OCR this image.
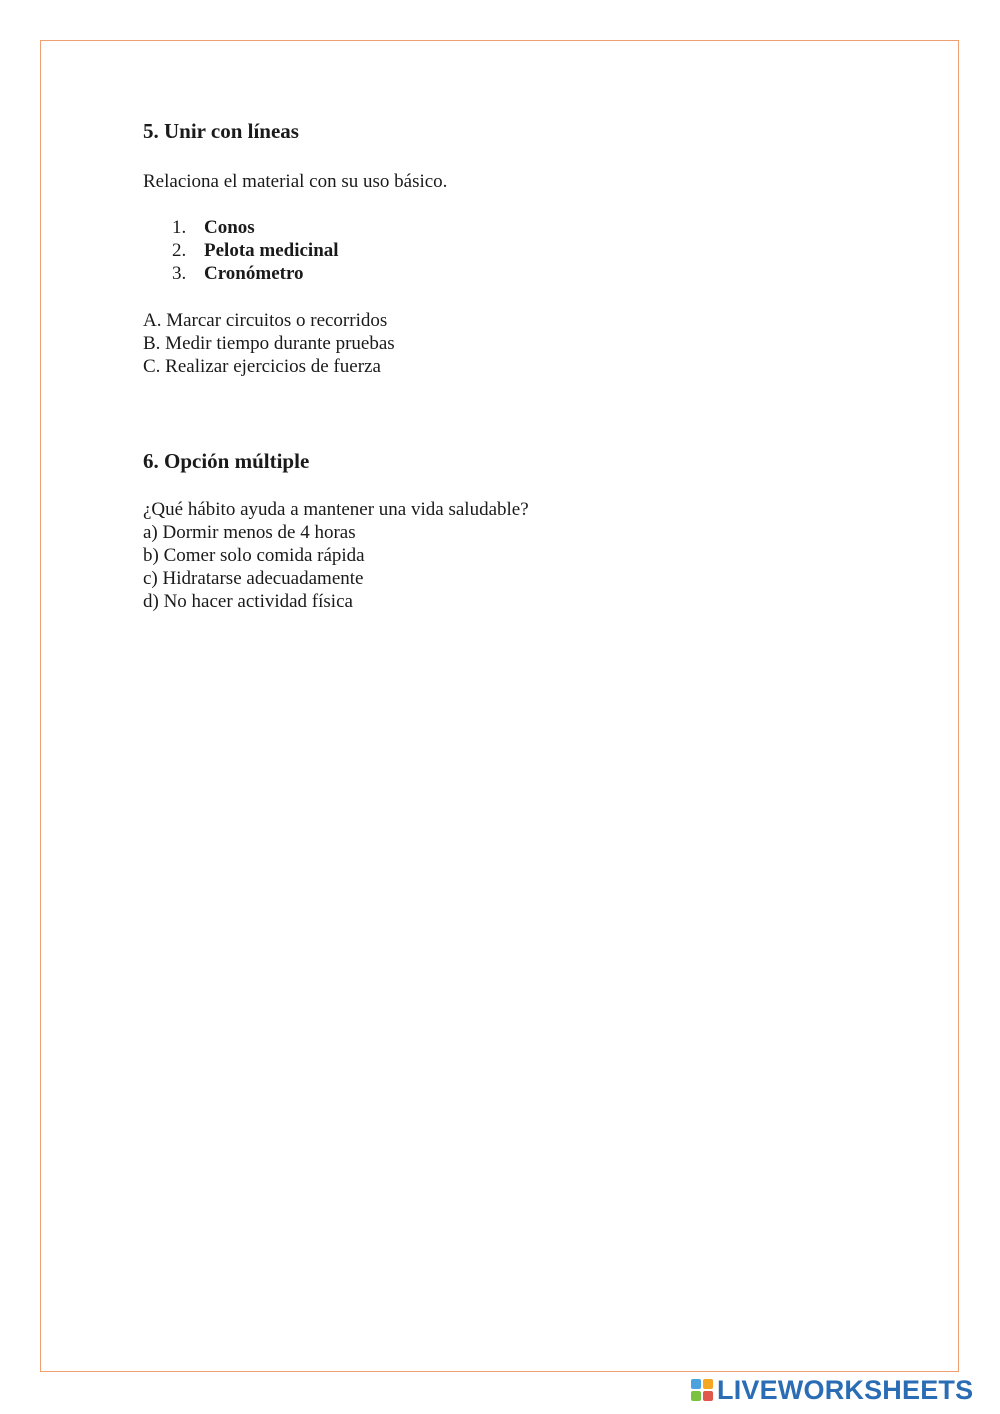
5. Unir con líneas
Relaciona el material con su uso básico.
1. Conos
2. Pelota medicinal
3. Cronómetro
A. Marcar circuitos o recorridos
B. Medir tiempo durante pruebas
C. Realizar ejercicios de fuerza
6. Opción múltiple
¿Qué hábito ayuda a mantener una vida saludable?
a) Dormir menos de 4 horas
b) Comer solo comida rápida
c) Hidratarse adecuadamente
d) No hacer actividad física
LIVEWORKSHEETS
